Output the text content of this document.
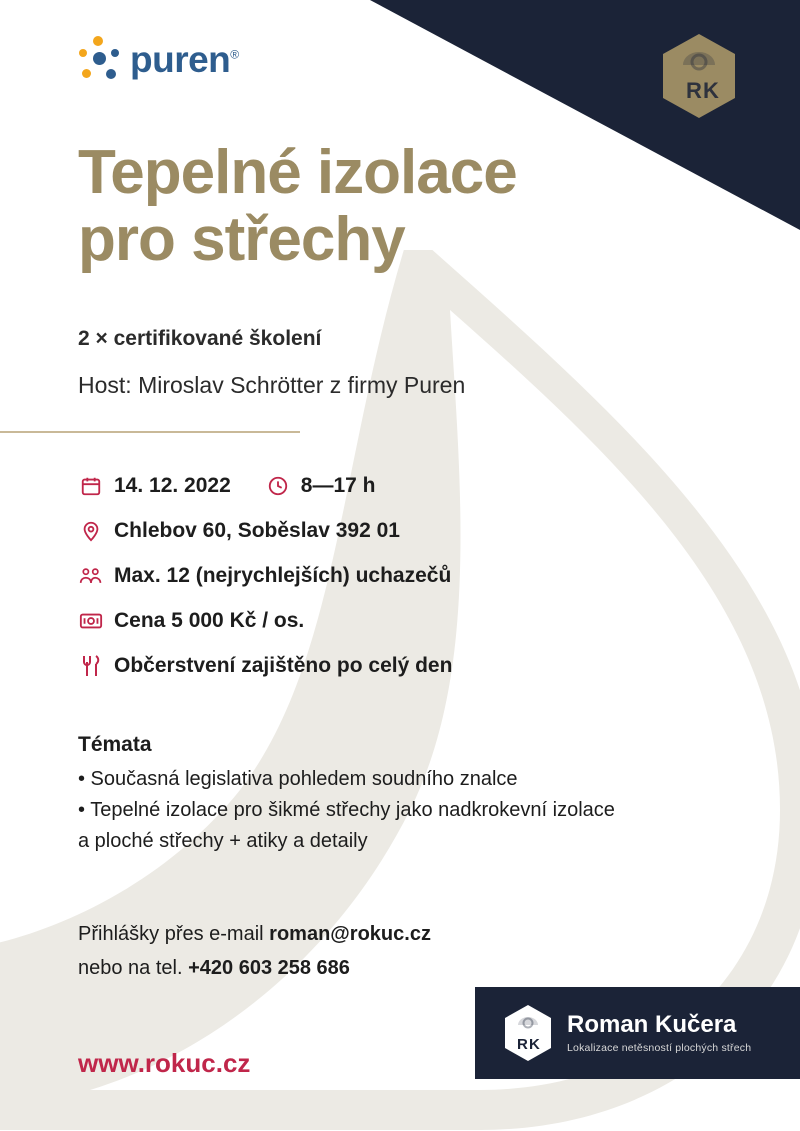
puren®
R K
Tepelné izolace
pro střechy
2 × certifikované školení
Host: Miroslav Schrötter z firmy Puren
14. 12. 2022	8—17 h
Chlebov 60, Soběslav 392 01
Max. 12 (nejrychlejších) uchazečů
Cena 5 000 Kč / os.
Občerstvení zajištěno po celý den
Témata
• Současná legislativa pohledem soudního znalce
• Tepelné izolace pro šikmé střechy jako nadkrokevní izolace
a ploché střechy + atiky a detaily
Přihlášky přes e-mail roman@rokuc.cz
nebo na tel. +420 603 258 686
www.rokuc.cz
R K
Roman Kučera
Lokalizace netěsností plochých střech
